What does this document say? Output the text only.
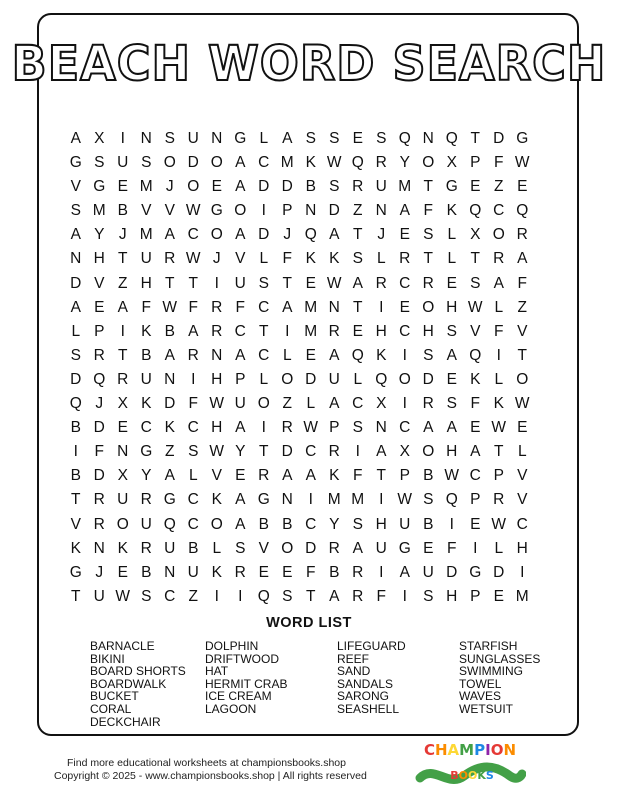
BEACH WORD SEARCH
A X	I	N S U N G L A S S E S Q N Q T D G
G S U S O D O A C M K W Q R Y O X P F W
V G E M J O E A D D B S R U M T G E Z E
S M B V V W G O I	P N D Z N A F K Q C Q
A Y J M A C O A D J Q A T J E S L X O R
N H T U R W J V L F K K S L R T L T R A
D V Z H T T	I	U S T E W A R C R E S A F
A E A F W F R F C A M N T	I	E O H W L Z
L P	I	K B A R C T	I M R E H C H S V F V
S R T B A R N A C L E A Q K	I	S A Q I	T
D Q R U N	I	H P L O D U L Q O D E K L O
Q J X K D F W U O Z L A C X	I	R S F K W
B D E C K C H A	I	R W P S N C A A E W E
I	F N G Z S W Y T D C R	I	A X O H A T L
B D X Y A L V E R A A K F T P B W C P V
T R U R G C K A G N	I M M I W S Q P R V
V R O U Q C O A B B C Y S H U B	I	E W C
K N K R U B L S V O D R A U G E F	I	L H
G J E B N U K R E E F B R	I	A U D G D	I
T U W S C Z	I	I Q S T A R F	I	S H P E M
WORD LIST
BARNACLE
BIKINI
BOARD SHORTS
BOARDWALK
BUCKET
CORAL
DECKCHAIR
DOLPHIN
DRIFTWOOD
HAT
HERMIT CRAB
ICE CREAM
LAGOON
LIFEGUARD
REEF
SAND
SANDALS
SARONG
SEASHELL
STARFISH
SUNGLASSES
SWIMMING
TOWEL
WAVES
WETSUIT
Find more educational worksheets at championsbooks.shop
Copyright © 2025 - www.championsbooks.shop | All rights reserved
CHAMPION
BOOKS
